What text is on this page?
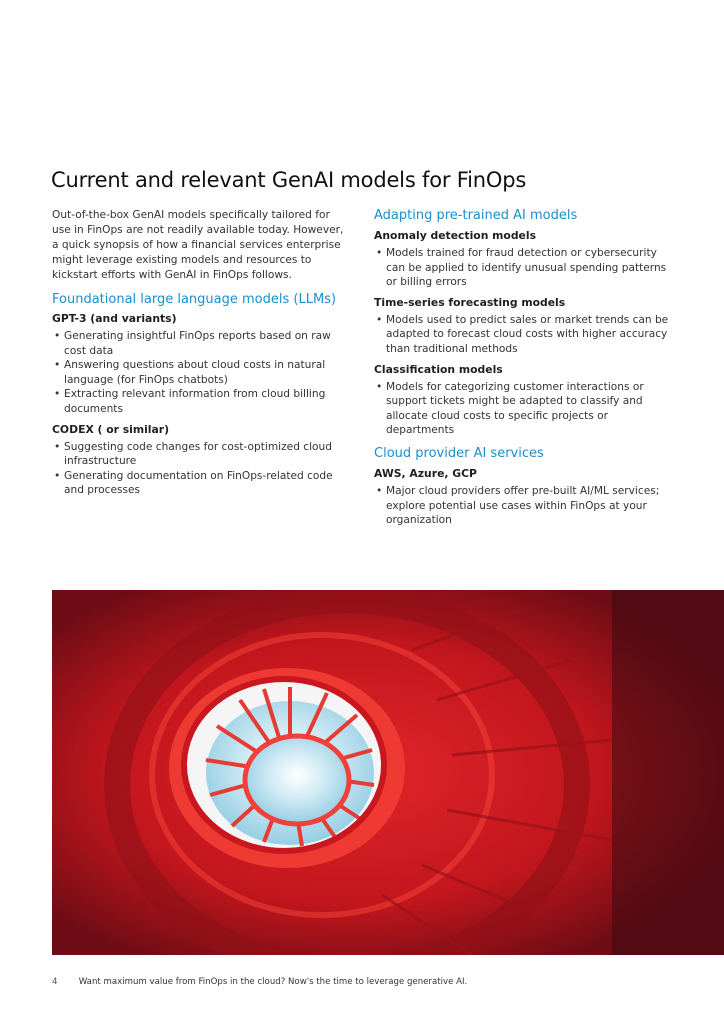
Current and relevant GenAI models for FinOps

Out-of-the-box GenAI models specifically tailored for use in FinOps are not readily available today. However, a quick synopsis of how a financial services enterprise might leverage existing models and resources to kickstart efforts with GenAI in FinOps follows.

Foundational large language models (LLMs)
GPT-3 (and variants)
• Generating insightful FinOps reports based on raw cost data
• Answering questions about cloud costs in natural language (for FinOps chatbots)
• Extracting relevant information from cloud billing documents
CODEX ( or similar)
• Suggesting code changes for cost-optimized cloud infrastructure
• Generating documentation on FinOps-related code and processes
Adapting pre-trained AI models
Anomaly detection models
• Models trained for fraud detection or cybersecurity can be applied to identify unusual spending patterns or billing errors
Time-series forecasting models
• Models used to predict sales or market trends can be adapted to forecast cloud costs with higher accuracy than traditional methods
Classification models
• Models for categorizing customer interactions or support tickets might be adapted to classify and allocate cloud costs to specific projects or departments
Cloud provider AI services
AWS, Azure, GCP
• Major cloud providers offer pre-built AI/ML services; explore potential use cases within FinOps at your organization
4 Want maximum value from FinOps in the cloud? Now's the time to leverage generative AI.
